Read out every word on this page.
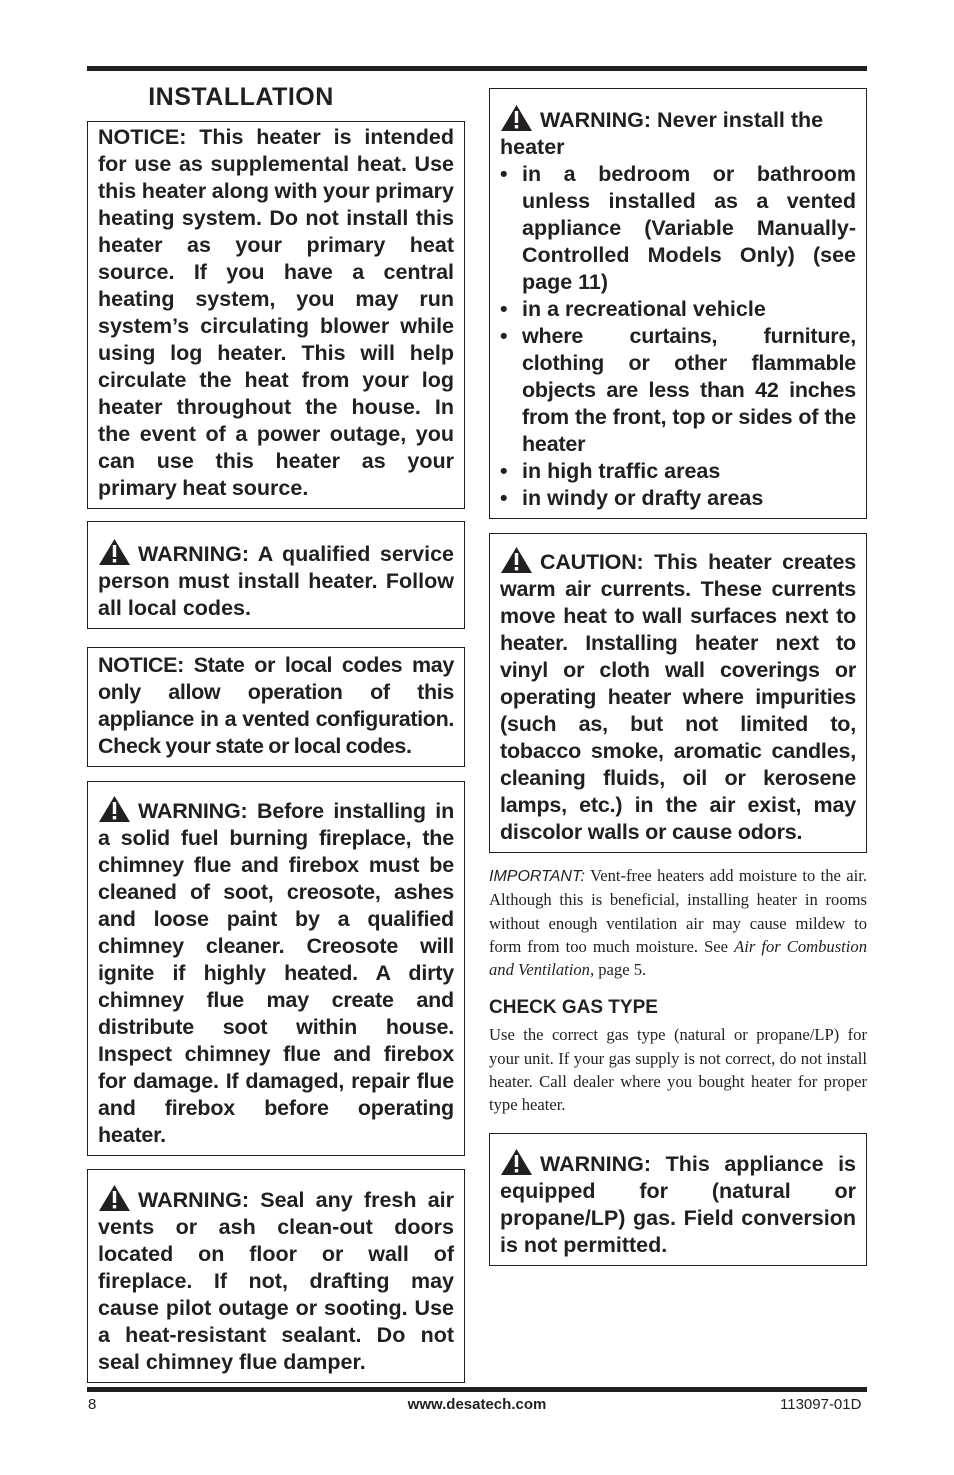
INSTALLATION

NOTICE: This heater is intended for use as supplemental heat. Use this heater along with your primary heating system. Do not install this heater as your primary heat source. If you have a central heating system, you may run system’s circulating blower while using log heater. This will help circulate the heat from your log heater throughout the house. In the event of a power outage, you can use this heater as your primary heat source.

WARNING: A qualified service person must install heater. Follow all local codes.

NOTICE: State or local codes may only allow operation of this appliance in a vented configuration. Check your state or local codes.

WARNING: Before installing in a solid fuel burning fireplace, the chimney flue and firebox must be cleaned of soot, creosote, ashes and loose paint by a qualified chimney cleaner. Creosote will ignite if highly heated. A dirty chimney flue may create and distribute soot within house. Inspect chimney flue and firebox for damage. If damaged, repair flue and firebox before operating heater.

WARNING: Seal any fresh air vents or ash clean-out doors located on floor or wall of fireplace. If not, drafting may cause pilot outage or sooting. Use a heat-resistant sealant. Do not seal chimney flue damper.

WARNING: Never install the heater

• in a bedroom or bathroom unless installed as a vented appliance (Variable Manually-Controlled Models Only) (see page 11)
• in a recreational vehicle
• where curtains, furniture, clothing or other flammable objects are less than 42 inches from the front, top or sides of the heater
• in high traffic areas
• in windy or drafty areas

CAUTION: This heater creates warm air currents. These currents move heat to wall surfaces next to heater. Installing heater next to vinyl or cloth wall coverings or operating heater where impurities (such as, but not limited to, tobacco smoke, aromatic candles, cleaning fluids, oil or kerosene lamps, etc.) in the air exist, may discolor walls or cause odors.

IMPORTANT: Vent-free heaters add moisture to the air. Although this is beneficial, installing heater in rooms without enough ventilation air may cause mildew to form from too much moisture. See Air for Combustion and Ventilation, page 5.

CHECK GAS TYPE

Use the correct gas type (natural or propane/LP) for your unit. If your gas supply is not correct, do not install heater. Call dealer where you bought heater for proper type heater.

WARNING: This appliance is equipped for (natural or propane/LP) gas. Field conversion is not permitted.

8	www.desatech.com	113097-01D
